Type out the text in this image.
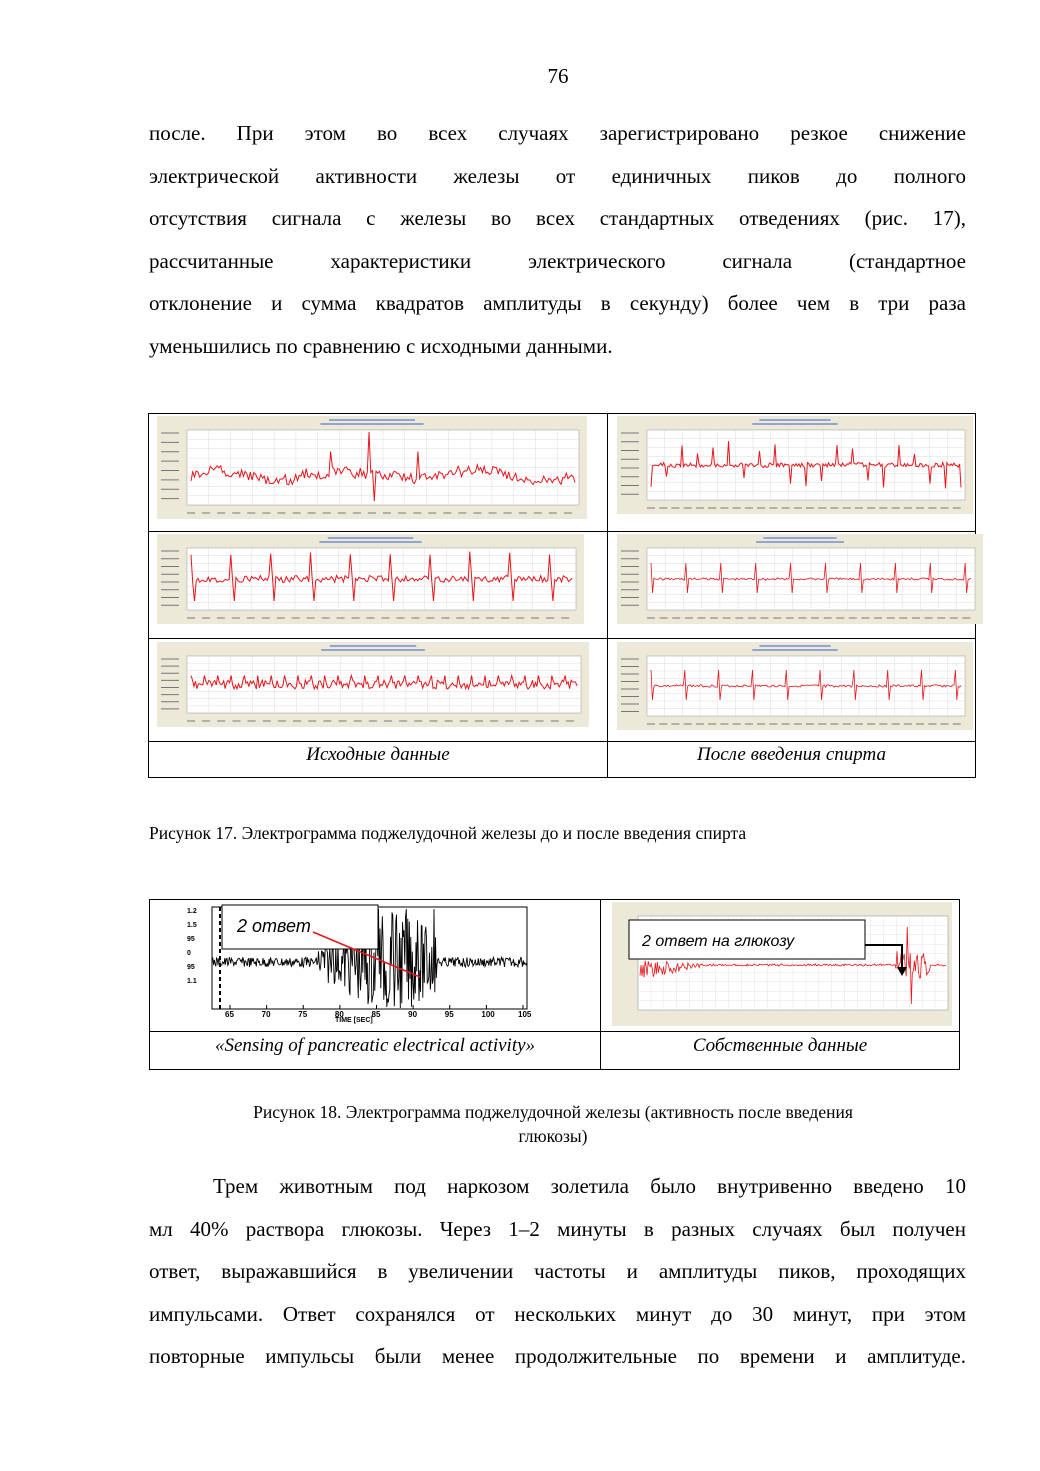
76
после. При этом во всех случаях зарегистрировано резкое снижение
электрической активности железы от единичных пиков до полного
отсутствия сигнала с железы во всех стандартных отведениях (рис. 17),
рассчитанные характеристики электрического сигнала (стандартное
отклонение и сумма квадратов амплитуды в секунду) более чем в три раза
уменьшились по сравнению с исходными данными.
Исходные данные	После введения спирта
Рисунок 17. Электрограмма поджелудочной железы до и после введения спирта
65	70	75	80	85	90	95	100	105
1.2
1.5
95
0
95
1.1
2 ответ
TIME [SEC]
2 ответ на глюкозу
«Sensing of pancreatic electrical activity»	Собственные данные
Рисунок 18. Электрограмма поджелудочной железы (активность после введения
глюкозы)
Трем животным под наркозом золетила было внутривенно введено 10
мл 40% раствора глюкозы. Через 1–2 минуты в разных случаях был получен
ответ, выражавшийся в увеличении частоты и амплитуды пиков, проходящих
импульсами. Ответ сохранялся от нескольких минут до 30 минут, при этом
повторные импульсы были менее продолжительные по времени и амплитуде.
